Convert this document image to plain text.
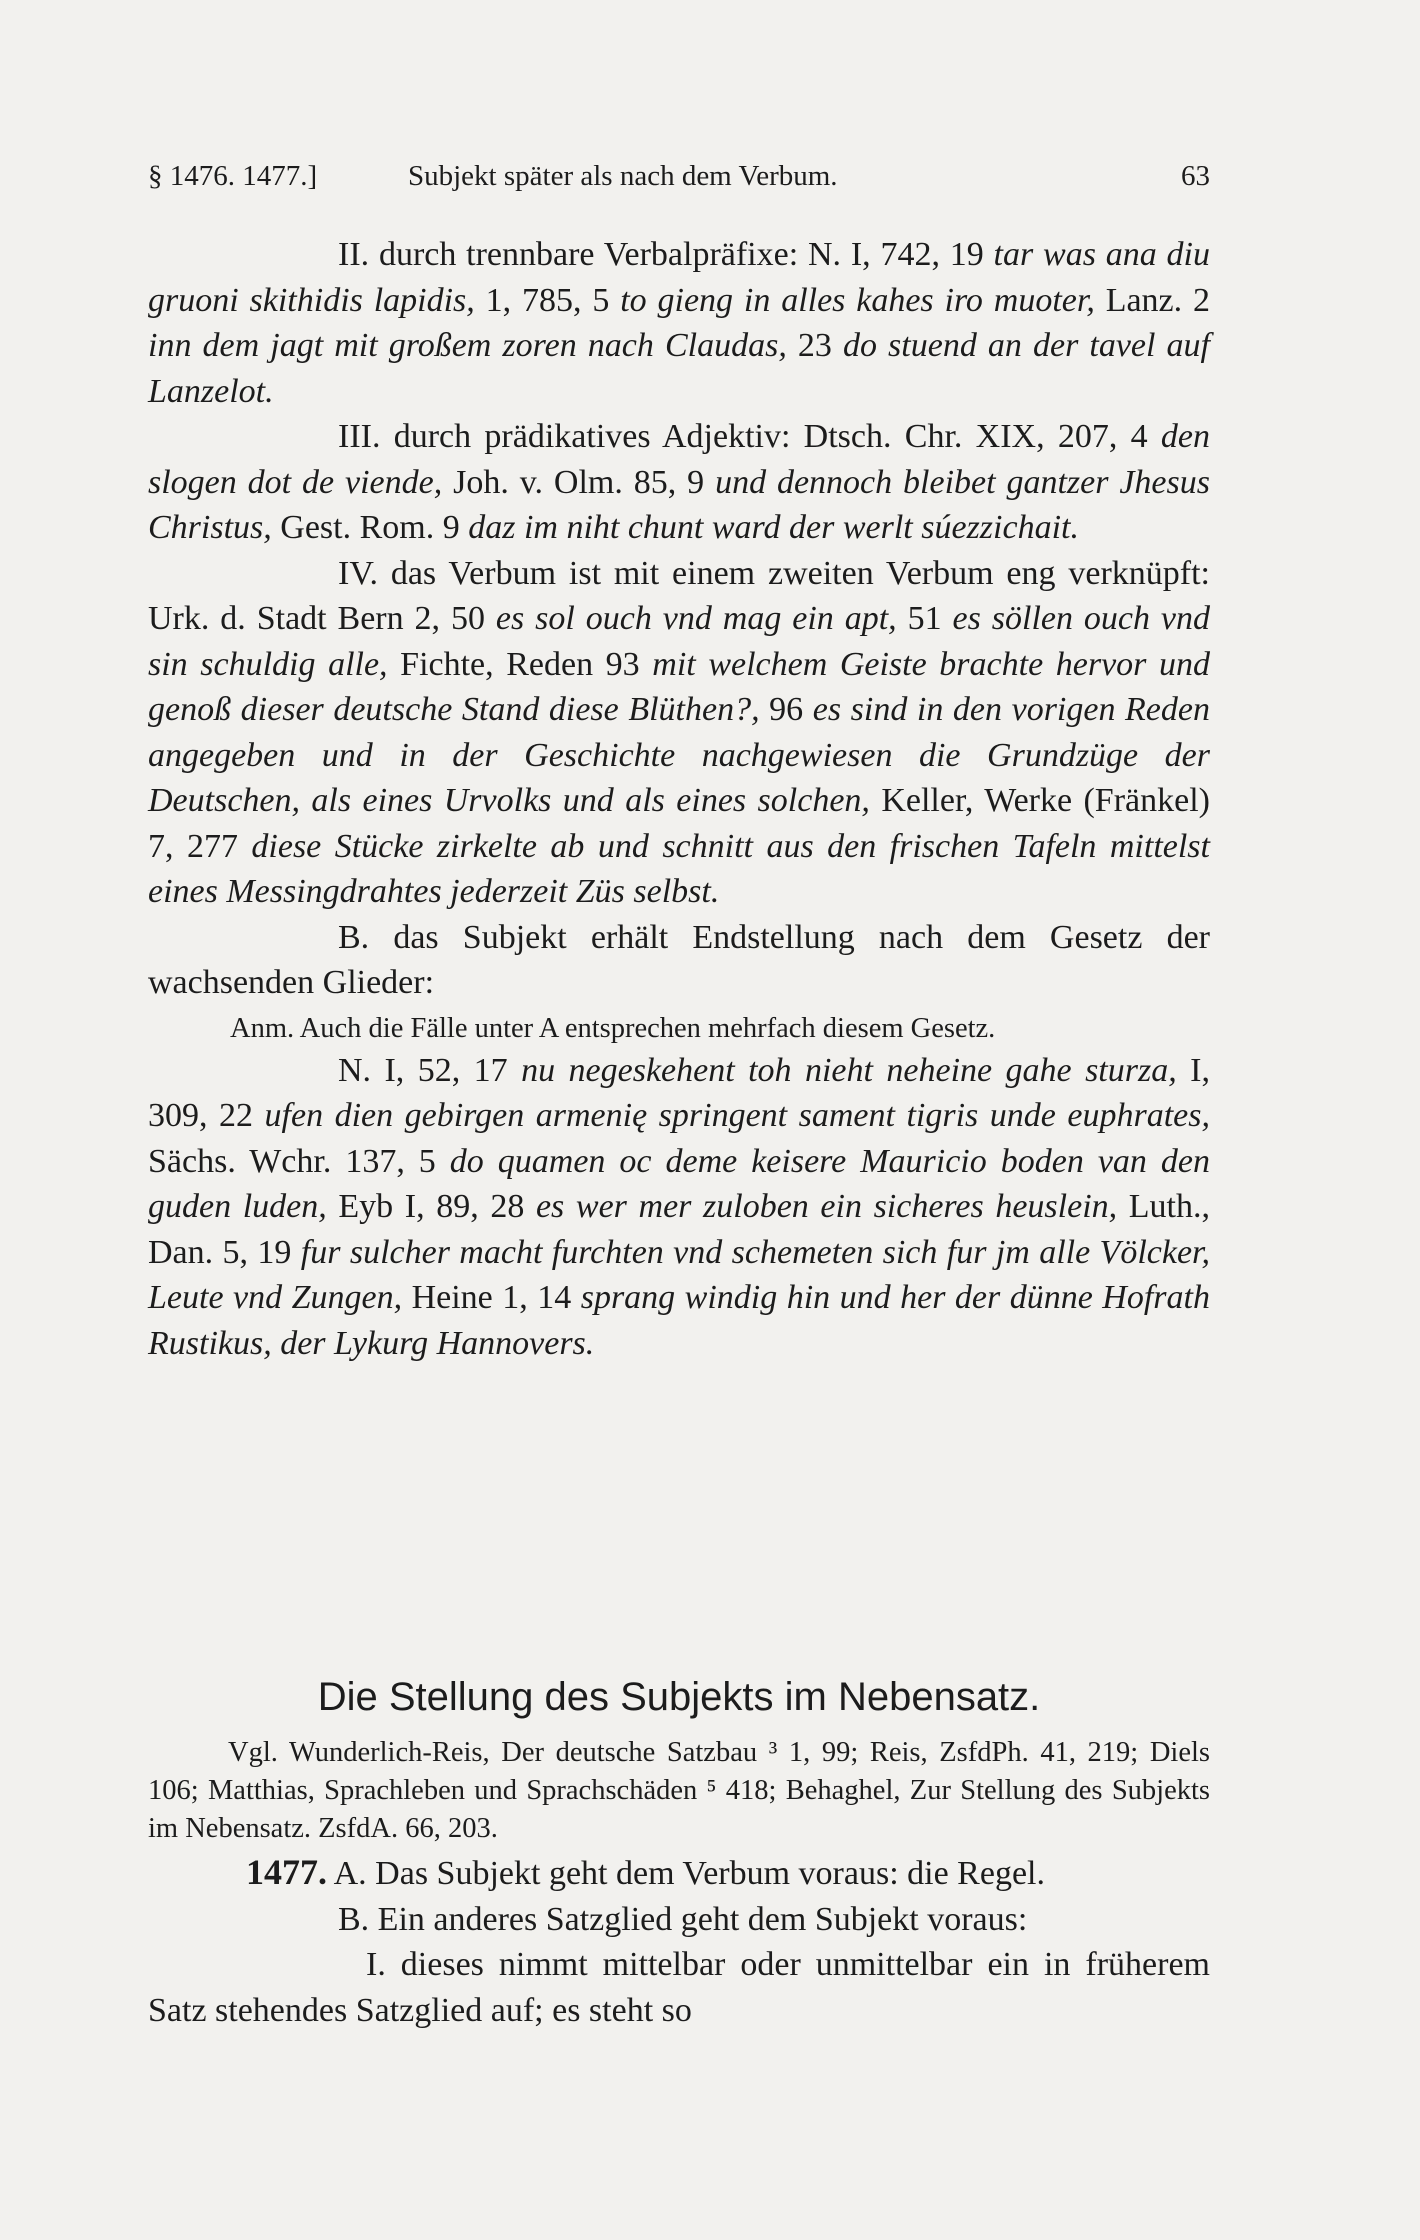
§ 1476. 1477.]	Subjekt später als nach dem Verbum.	63

II. durch trennbare Verbalpräfixe: N. I, 742, 19 tar was ana diu gruoni skithidis lapidis, 1, 785, 5 to gieng in alles kahes iro muoter, Lanz. 2 inn dem jagt mit großem zoren nach Claudas, 23 do stuend an der tavel auf Lanzelot.

III. durch prädikatives Adjektiv: Dtsch. Chr. XIX, 207, 4 den slogen dot de viende, Joh. v. Olm. 85, 9 und dennoch bleibet gantzer Jhesus Christus, Gest. Rom. 9 daz im niht chunt ward der werlt súezzichait.

IV. das Verbum ist mit einem zweiten Verbum eng verknüpft: Urk. d. Stadt Bern 2, 50 es sol ouch vnd mag ein apt, 51 es söllen ouch vnd sin schuldig alle, Fichte, Reden 93 mit welchem Geiste brachte hervor und genoß dieser deutsche Stand diese Blüthen?, 96 es sind in den vorigen Reden angegeben und in der Geschichte nachgewiesen die Grundzüge der Deutschen, als eines Urvolks und als eines solchen, Keller, Werke (Fränkel) 7, 277 diese Stücke zirkelte ab und schnitt aus den frischen Tafeln mittelst eines Messingdrahtes jederzeit Züs selbst.

B. das Subjekt erhält Endstellung nach dem Gesetz der wachsenden Glieder:

Anm. Auch die Fälle unter A entsprechen mehrfach diesem Gesetz.

N. I, 52, 17 nu negeskehent toh nieht neheine gahe sturza, I, 309, 22 ufen dien gebirgen armenię springent sament tigris unde euphrates, Sächs. Wchr. 137, 5 do quamen oc deme keisere Mauricio boden van den guden luden, Eyb I, 89, 28 es wer mer zuloben ein sicheres heuslein, Luth., Dan. 5, 19 fur sulcher macht furchten vnd schemeten sich fur jm alle Völcker, Leute vnd Zungen, Heine 1, 14 sprang windig hin und her der dünne Hofrath Rustikus, der Lykurg Hannovers.

Die Stellung des Subjekts im Nebensatz.

Vgl. Wunderlich-Reis, Der deutsche Satzbau ³ 1, 99; Reis, ZsfdPh. 41, 219; Diels 106; Matthias, Sprachleben und Sprachschäden ⁵ 418; Behaghel, Zur Stellung des Subjekts im Nebensatz. ZsfdA. 66, 203.

1477. A. Das Subjekt geht dem Verbum voraus: die Regel.

B. Ein anderes Satzglied geht dem Subjekt voraus:

I. dieses nimmt mittelbar oder unmittelbar ein in früherem Satz stehendes Satzglied auf; es steht so
